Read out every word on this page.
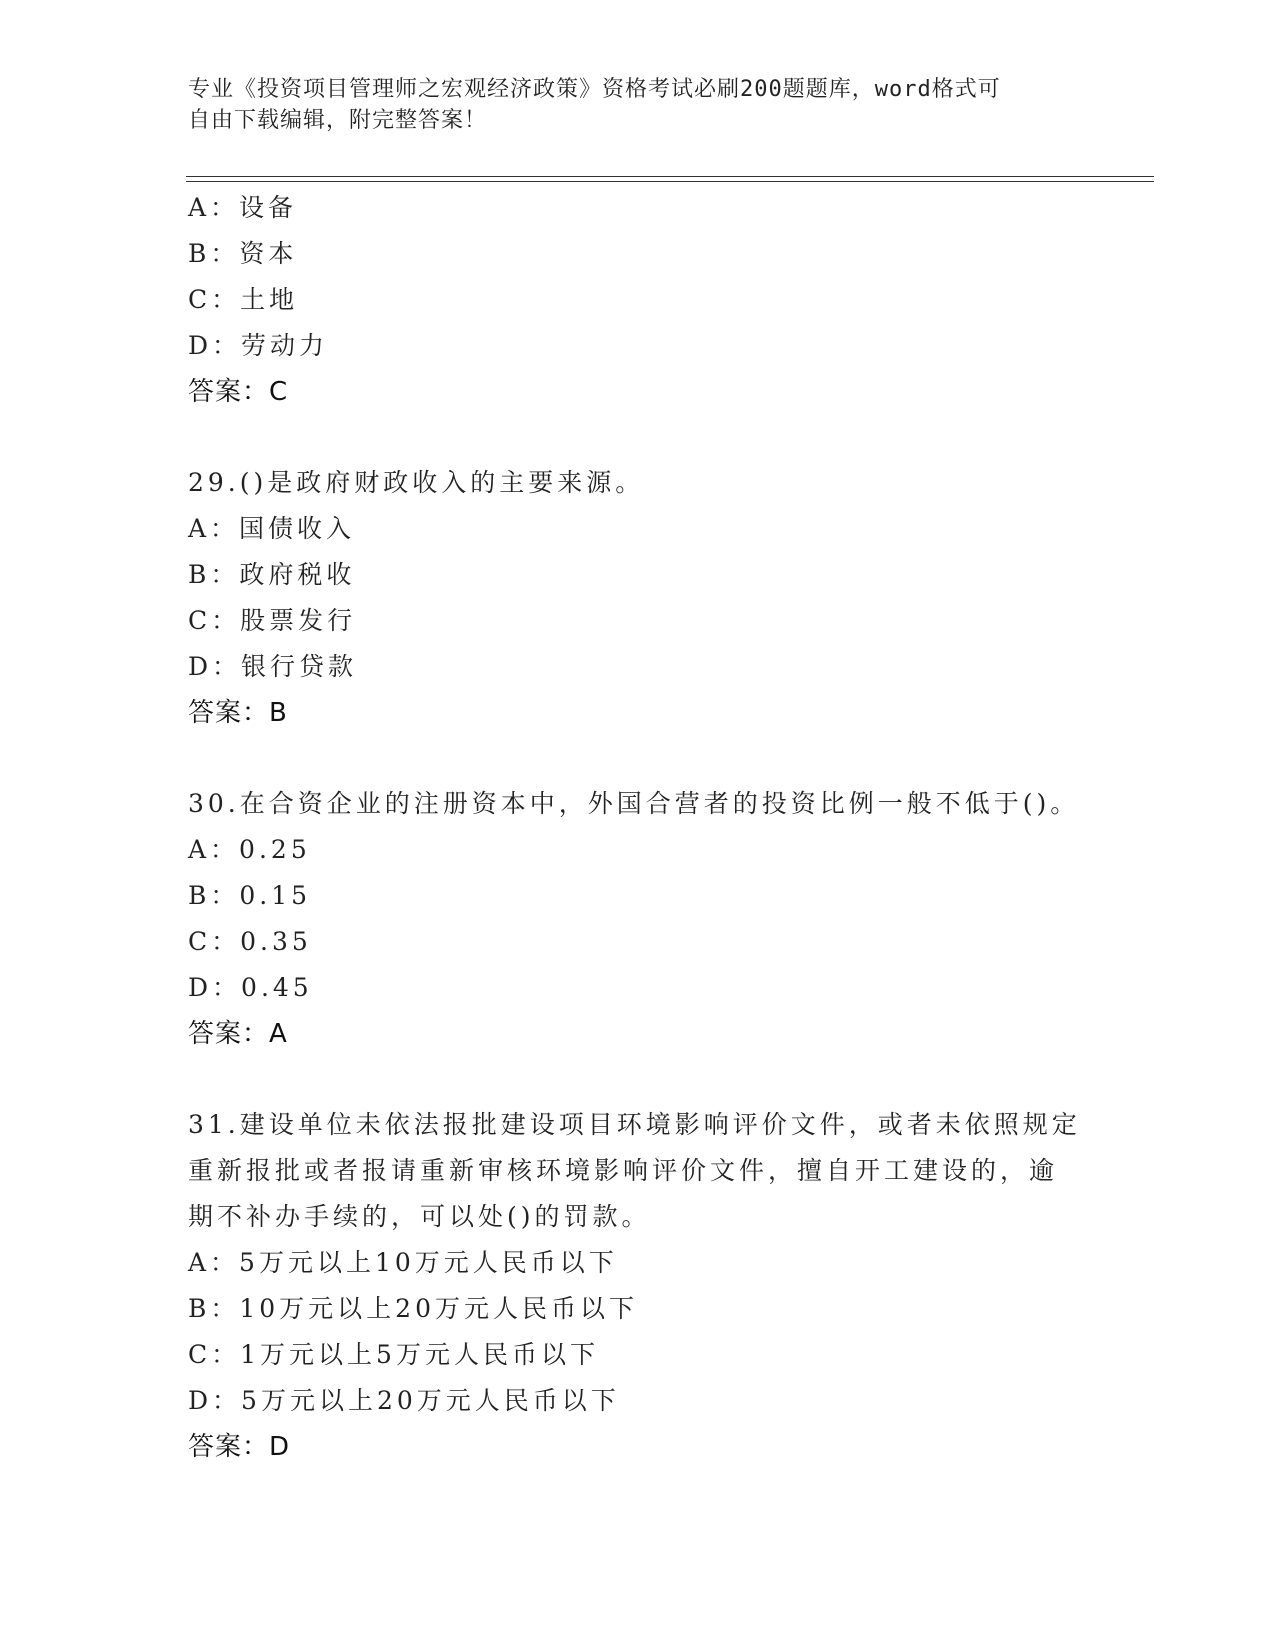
专业《投资项目管理师之宏观经济政策》资格考试必刷200题题库，word格式可
自由下载编辑，附完整答案！
A：设备
B：资本
C：土地
D：劳动力
答案：C
29.()是政府财政收入的主要来源。
A：国债收入
B：政府税收
C：股票发行
D：银行贷款
答案：B
30.在合资企业的注册资本中，外国合营者的投资比例一般不低于()。
A：0.25
B：0.15
C：0.35
D：0.45
答案：A
31.建设单位未依法报批建设项目环境影响评价文件，或者未依照规定
重新报批或者报请重新审核环境影响评价文件，擅自开工建设的，逾
期不补办手续的，可以处()的罚款。
A：5万元以上10万元人民币以下
B：10万元以上20万元人民币以下
C：1万元以上5万元人民币以下
D：5万元以上20万元人民币以下
答案：D
